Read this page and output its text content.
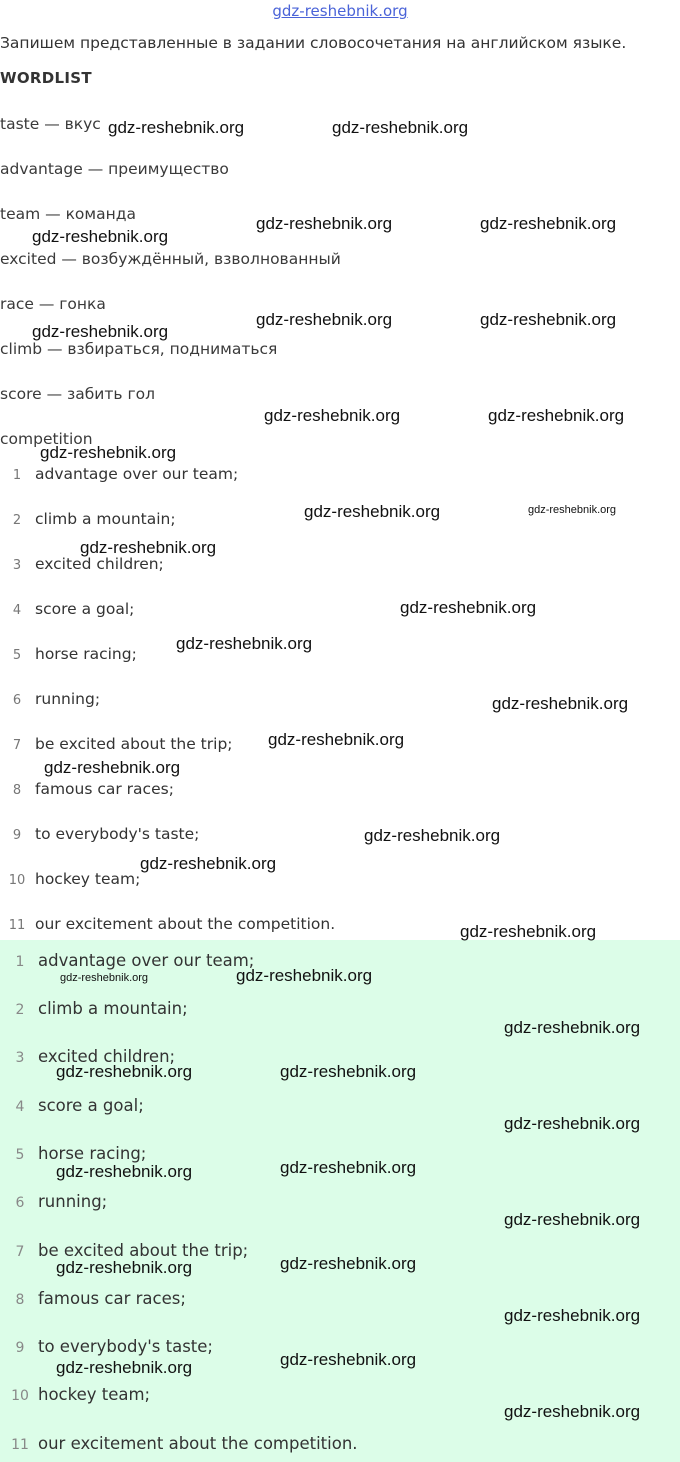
gdz-reshebnik.org
Запишем представленные в задании словосочетания на английском языке.
WORDLIST
taste — вкус
advantage — преимущество
team — команда
excited — возбуждённый, взволнованный
race — гонка
climb — взбираться, подниматься
score — забить гол
competition
1 advantage over our team;
2 climb a mountain;
3 excited children;
4 score a goal;
5 horse racing;
6 running;
7 be excited about the trip;
8 famous car races;
9 to everybody's taste;
10 hockey team;
11 our excitement about the competition.
1 advantage over our team;
2 climb a mountain;
3 excited children;
4 score a goal;
5 horse racing;
6 running;
7 be excited about the trip;
8 famous car races;
9 to everybody's taste;
10 hockey team;
11 our excitement about the competition.
gdz-reshebnik.org	gdz-reshebnik.org
gdz-reshebnik.org	gdz-reshebnik.org
gdz-reshebnik.org
gdz-reshebnik.org	gdz-reshebnik.org
gdz-reshebnik.org
gdz-reshebnik.org	gdz-reshebnik.org
gdz-reshebnik.org
gdz-reshebnik.org	gdz-reshebnik.org
gdz-reshebnik.org
gdz-reshebnik.org
gdz-reshebnik.org
gdz-reshebnik.org
gdz-reshebnik.org
gdz-reshebnik.org
gdz-reshebnik.org
gdz-reshebnik.org
gdz-reshebnik.org
gdz-reshebnik.org	gdz-reshebnik.org
gdz-reshebnik.org
gdz-reshebnik.org	gdz-reshebnik.org
gdz-reshebnik.org
gdz-reshebnik.org	gdz-reshebnik.org
gdz-reshebnik.org
gdz-reshebnik.org	gdz-reshebnik.org
gdz-reshebnik.org
gdz-reshebnik.org	gdz-reshebnik.org
gdz-reshebnik.org
